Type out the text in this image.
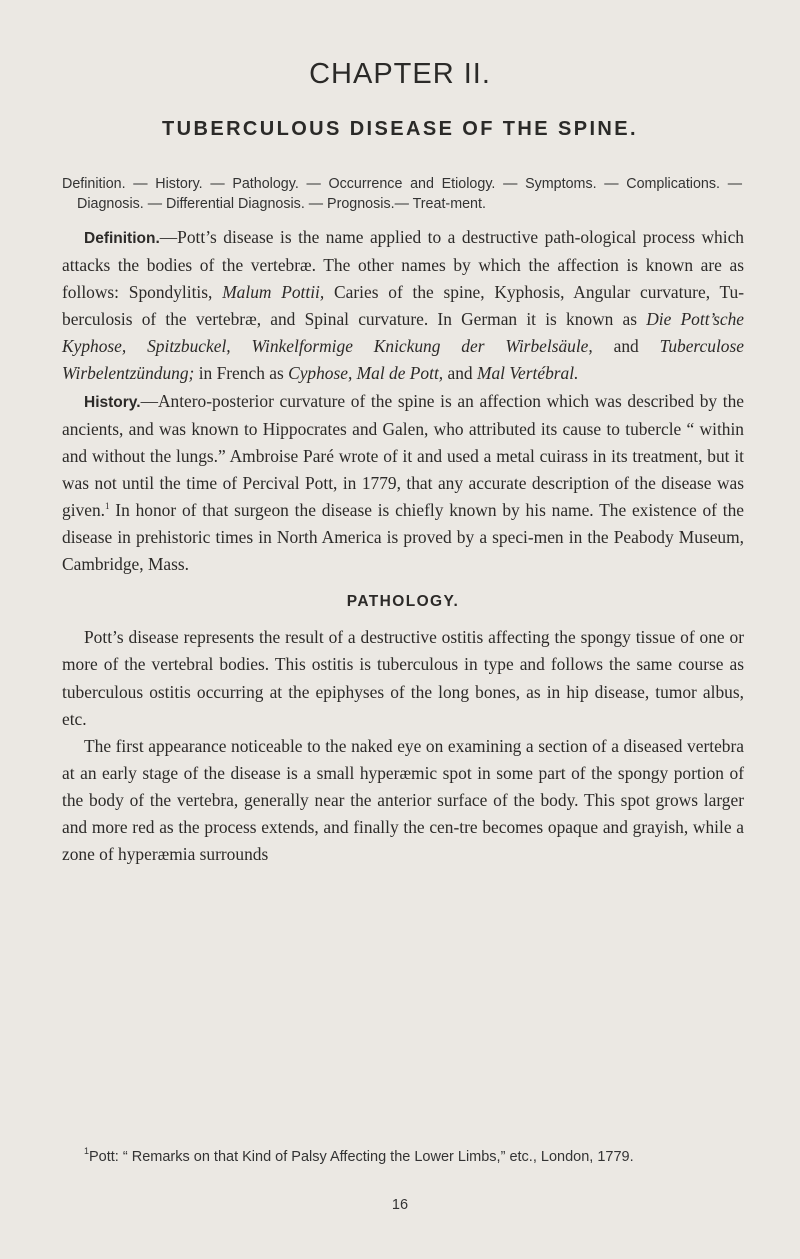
CHAPTER II.
TUBERCULOUS DISEASE OF THE SPINE.
Definition. — History. — Pathology. — Occurrence and Etiology. — Symptoms. — Complications. — Diagnosis. — Differential Diagnosis. — Prognosis.— Treat-ment.

Definition.—Pott’s disease is the name applied to a destructive path-ological process which attacks the bodies of the vertebræ. The other names by which the affection is known are as follows: Spondylitis, Malum Pottii, Caries of the spine, Kyphosis, Angular curvature, Tu-berculosis of the vertebræ, and Spinal curvature. In German it is known as Die Pott’sche Kyphose, Spitzbuckel, Winkelformige Knickung der Wirbelsäule, and Tuberculose Wirbelentzündung; in French as Cyphose, Mal de Pott, and Mal Vertébral.

History.—Antero-posterior curvature of the spine is an affection which was described by the ancients, and was known to Hippocrates and Galen, who attributed its cause to tubercle “ within and without the lungs.” Ambroise Paré wrote of it and used a metal cuirass in its treatment, but it was not until the time of Percival Pott, in 1779, that any accurate description of the disease was given.$^1$ In honor of that surgeon the disease is chiefly known by his name. The existence of the disease in prehistoric times in North America is proved by a speci-men in the Peabody Museum, Cambridge, Mass.

PATHOLOGY.

Pott’s disease represents the result of a destructive ostitis affecting the spongy tissue of one or more of the vertebral bodies. This ostitis is tuberculous in type and follows the same course as tuberculous ostitis occurring at the epiphyses of the long bones, as in hip disease, tumor albus, etc.

The first appearance noticeable to the naked eye on examining a section of a diseased vertebra at an early stage of the disease is a small hyperæmic spot in some part of the spongy portion of the body of the vertebra, generally near the anterior surface of the body. This spot grows larger and more red as the process extends, and finally the cen-tre becomes opaque and grayish, while a zone of hyperæmia surrounds

$^1$Pott: “ Remarks on that Kind of Palsy Affecting the Lower Limbs,” etc., London, 1779.
16
